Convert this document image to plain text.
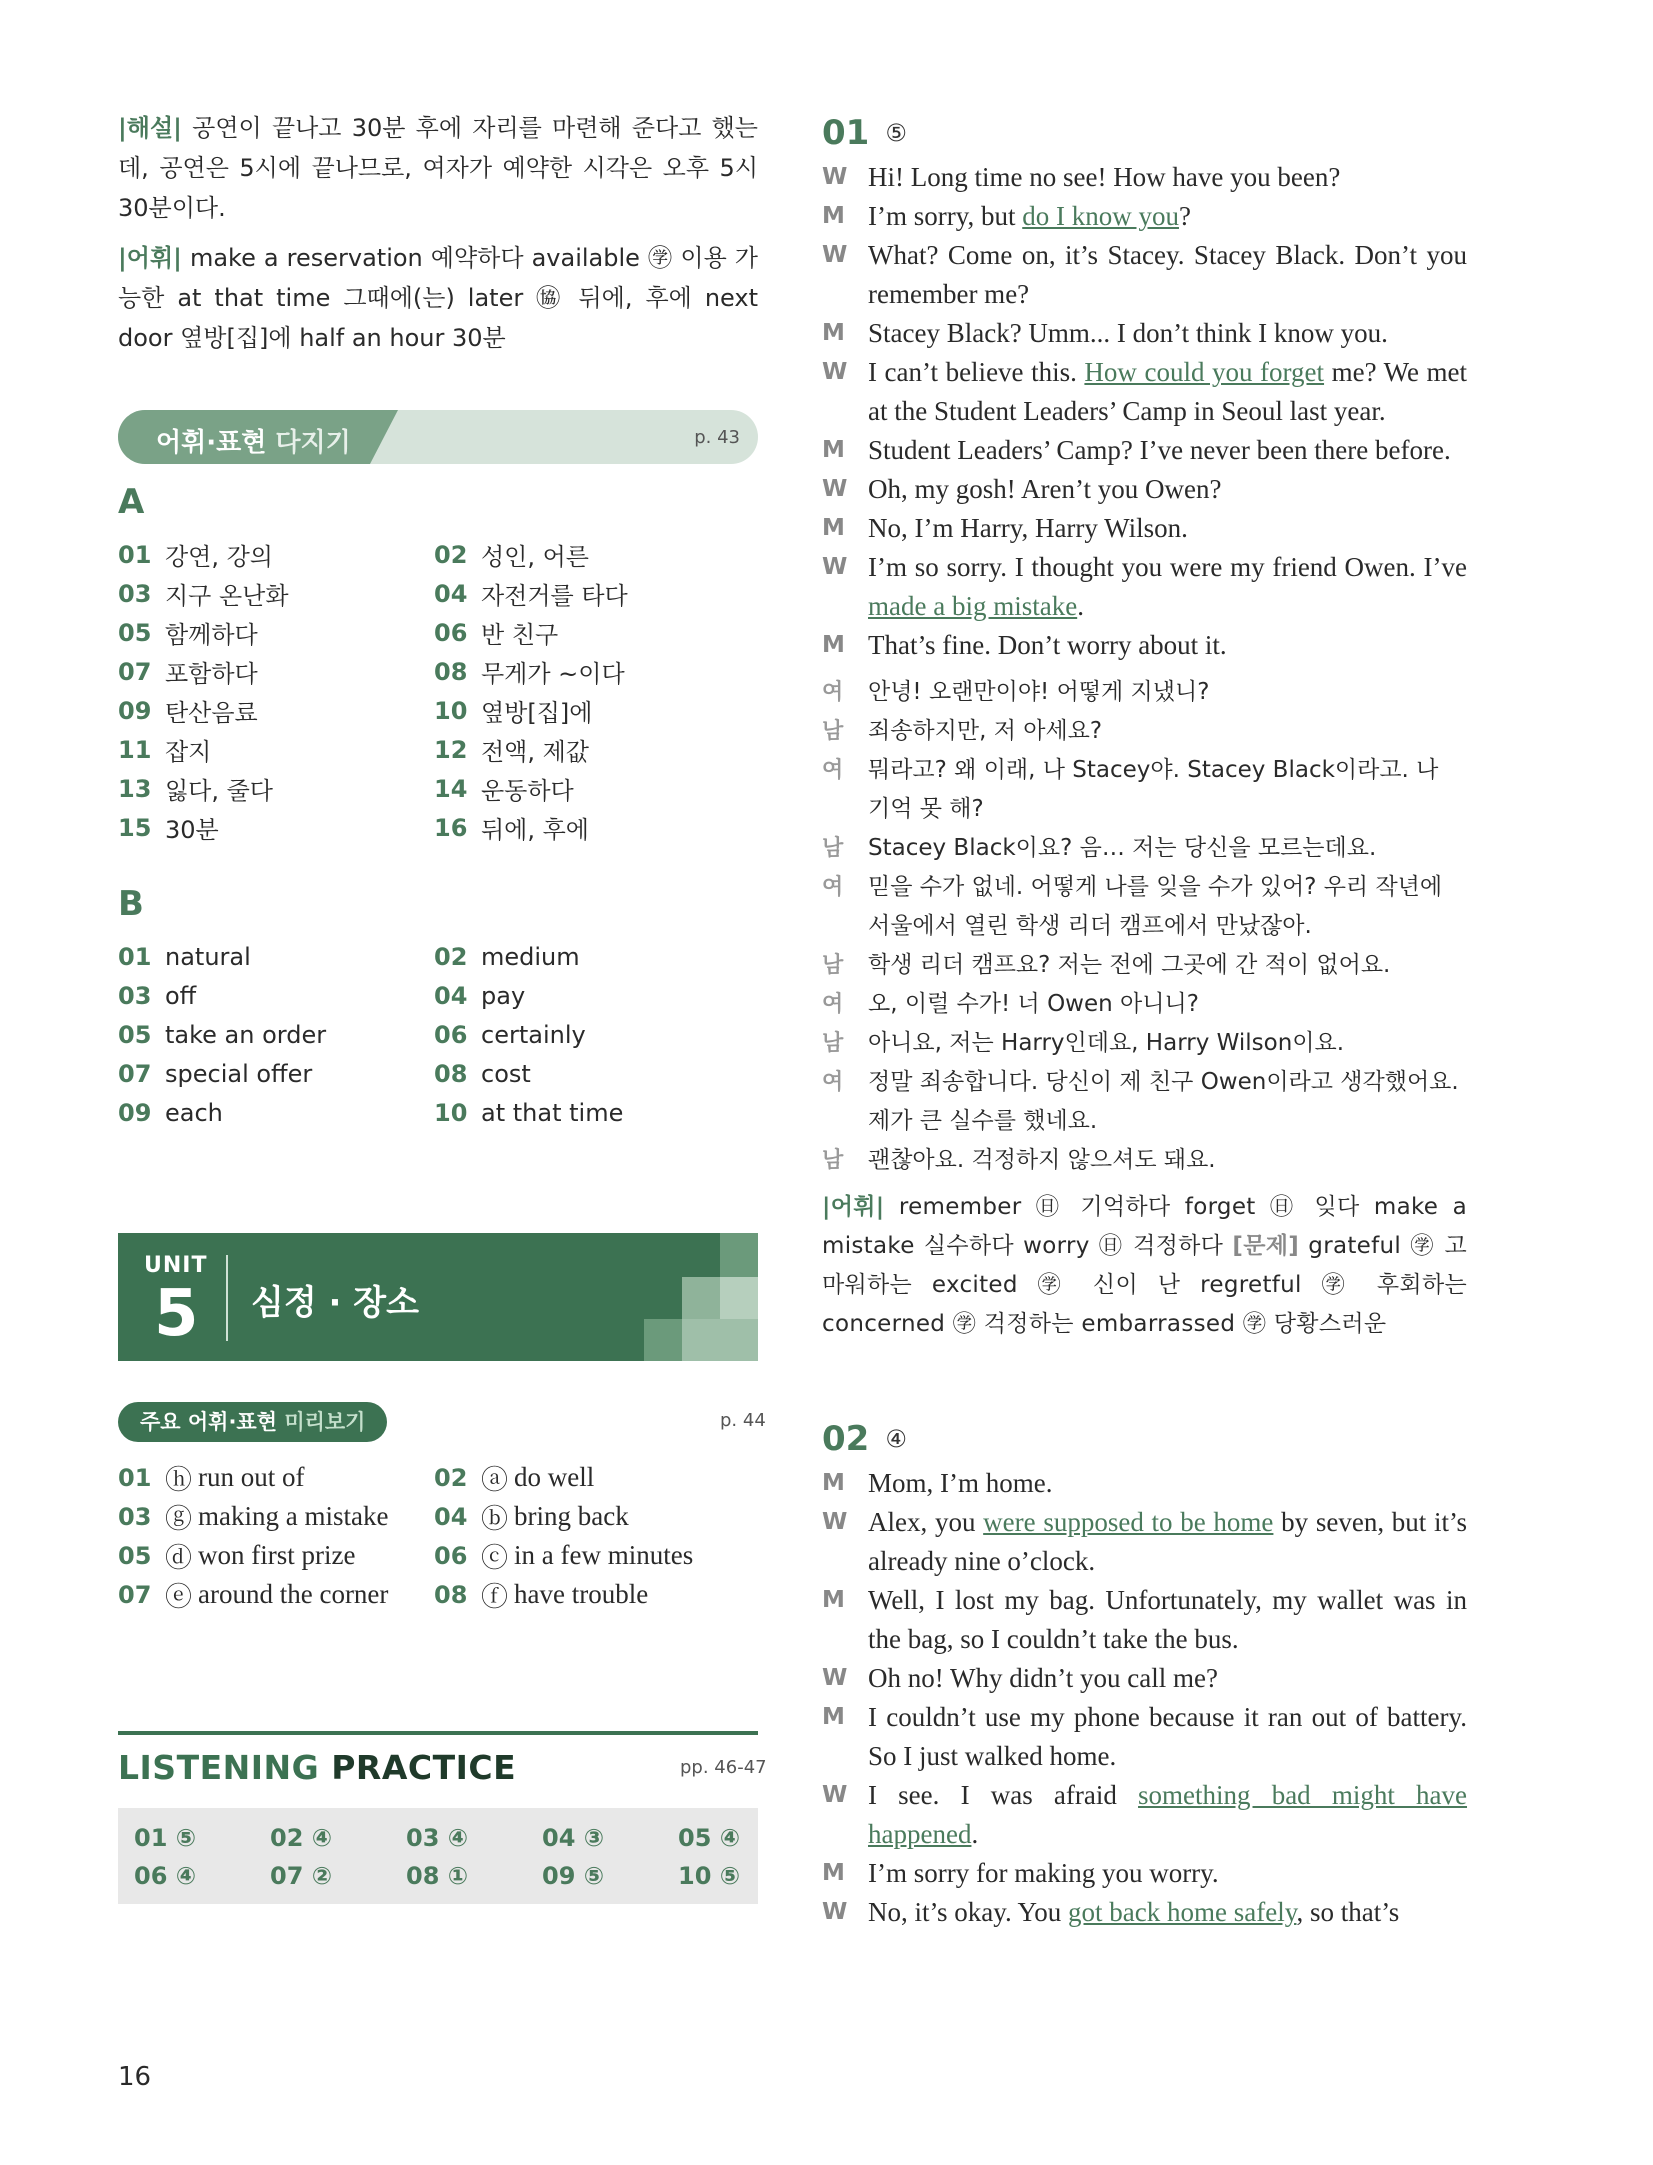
|해설| 공연이 끝나고 30분 후에 자리를 마련해 준다고 했는데, 공연은 5시에 끝나므로, 여자가 예약한 시각은 오후 5시 30분이다.

|어휘| make a reservation 예약하다 available ㊫ 이용 가능한 at that time 그때에(는) later ㊯ 뒤에, 후에 next door 옆방[집]에 half an hour 30분

어휘·표현 다지기	p. 43
A
01 강연, 강의	02 성인, 어른
03 지구 온난화	04 자전거를 타다
05 함께하다	06 반 친구
07 포함하다	08 무게가 ~이다
09 탄산음료	10 옆방[집]에
11 잡지	12 전액, 제값
13 잃다, 줄다	14 운동하다
15 30분	16 뒤에, 후에
B
01 natural	02 medium
03 off	04 pay
05 take an order	06 certainly
07 special offer	08 cost
09 each	10 at that time
UNIT
5 심정 · 장소
주요 어휘·표현 미리보기	p. 44
01 ⓗ run out of	02 ⓐ do well
03 ⓖ making a mistake 04 ⓑ bring back
05 ⓓ won first prize	06 ⓒ in a few minutes
07 ⓔ around the corner 08 ⓕ have trouble
LISTENING PRACTICE	pp. 46-47
01 ⑤	02 ④	03 ④	04 ③	05 ④
06 ④	07 ②	08 ①	09 ⑤	10 ⑤
16
01 ⑤
W Hi! Long time no see! How have you been?
M I’m sorry, but do I know you?
W What? Come on, it’s Stacey. Stacey Black. Don’t you remember me?
M Stacey Black? Umm... I don’t think I know you.
W I can’t believe this. How could you forget me? We met at the Student Leaders’ Camp in Seoul last year.
M Student Leaders’ Camp? I’ve never been there before.
W Oh, my gosh! Aren’t you Owen?
M No, I’m Harry, Harry Wilson.
W I’m so sorry. I thought you were my friend Owen. I’ve made a big mistake.
M That’s fine. Don’t worry about it.
여	안녕! 오랜만이야! 어떻게 지냈니?
남	죄송하지만, 저 아세요?
여	뭐라고? 왜 이래, 나 Stacey야. Stacey Black이라고. 나 기억 못 해?
남	Stacey Black이요? 음… 저는 당신을 모르는데요.
여	믿을 수가 없네. 어떻게 나를 잊을 수가 있어? 우리 작년에 서울에서 열린 학생 리더 캠프에서 만났잖아.
남	학생 리더 캠프요? 저는 전에 그곳에 간 적이 없어요.
여	오, 이럴 수가! 너 Owen 아니니?
남	아니요, 저는 Harry인데요, Harry Wilson이요.
여	정말 죄송합니다. 당신이 제 친구 Owen이라고 생각했어요. 제가 큰 실수를 했네요.
남	괜찮아요. 걱정하지 않으셔도 돼요.
|어휘| remember ㊐ 기억하다 forget ㊐ 잊다 make a mistake 실수하다 worry ㊐ 걱정하다 [문제] grateful ㊫ 고마워하는 excited ㊫ 신이 난 regretful ㊫ 후회하는 concerned ㊫ 걱정하는 embarrassed ㊫ 당황스러운
02 ④
M Mom, I’m home.
W Alex, you were supposed to be home by seven, but it’s already nine o’clock.
M Well, I lost my bag. Unfortunately, my wallet was in the bag, so I couldn’t take the bus.
W Oh no! Why didn’t you call me?
M I couldn’t use my phone because it ran out of battery. So I just walked home.
W I see. I was afraid something bad might have happened.
M I’m sorry for making you worry.
W No, it’s okay. You got back home safely, so that’s
